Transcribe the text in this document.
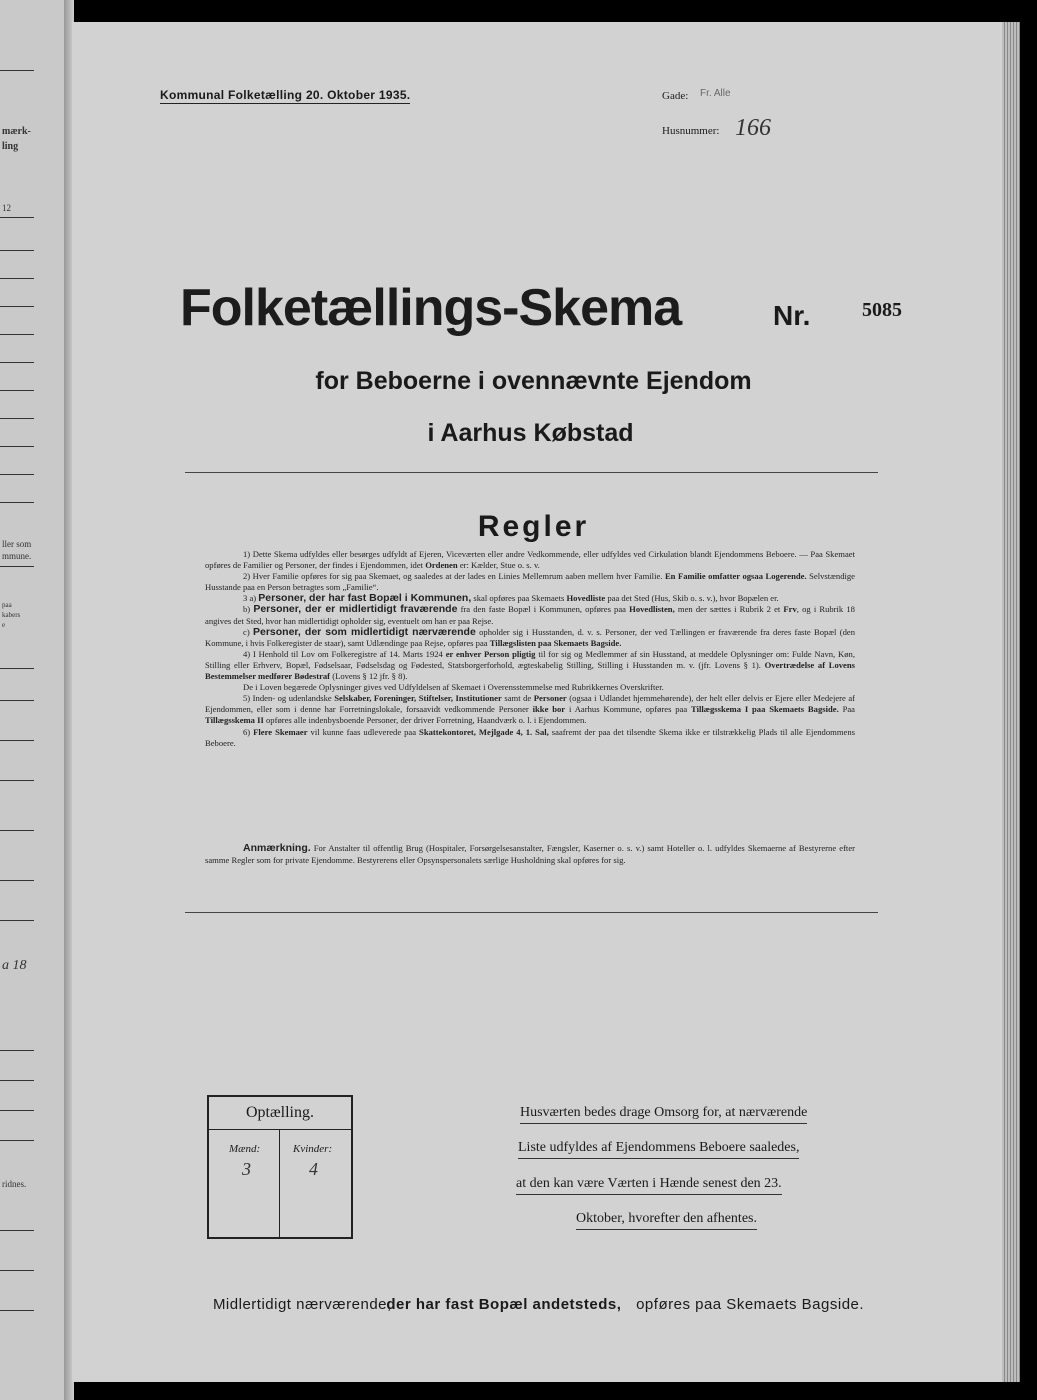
mærk-
ling
12
ller som
mmune.
paa
kabers
e
a 18
ridnes.
Kommunal Folketælling 20. Oktober 1935.	Gade: Fr. Alle
Husnummer: 166
Folketællings-Skema	Nr.	5085
for Beboerne i ovennævnte Ejendom
i Aarhus Købstad
Regler

1) Dette Skema udfyldes eller besørges udfyldt af Ejeren, Viceværten eller andre Vedkommende, eller udfyldes ved Cirkulation blandt Ejendommens Beboere. — Paa Skemaet opføres de Familier og Personer, der findes i Ejendommen, idet Ordenen er: Kælder, Stue o. s. v.

2) Hver Familie opføres for sig paa Skemaet, og saaledes at der lades en Linies Mellemrum aaben mellem hver Familie. En Familie omfatter ogsaa Logerende. Selvstændige Husstande paa en Person betragtes som „Familie“.

3 a) Personer, der har fast Bopæl i Kommunen, skal opføres paa Skemaets Hovedliste paa det Sted (Hus, Skib o. s. v.), hvor Bopælen er.

b) Personer, der er midlertidigt fraværende fra den faste Bopæl i Kommunen, opføres paa Hovedlisten, men der sættes i Rubrik 2 et Frv, og i Rubrik 18 angives det Sted, hvor han midlertidigt opholder sig, eventuelt om han er paa Rejse.

c) Personer, der som midlertidigt nærværende opholder sig i Husstanden, d. v. s. Personer, der ved Tællingen er fraværende fra deres faste Bopæl (den Kommune, i hvis Folkeregister de staar), samt Udlændinge paa Rejse, opføres paa Tillægslisten paa Skemaets Bagside.

4) I Henhold til Lov om Folkeregistre af 14. Marts 1924 er enhver Person pligtig til for sig og Medlemmer af sin Husstand, at meddele Oplysninger om: Fulde Navn, Køn, Stilling eller Erhverv, Bopæl, Fødselsaar, Fødselsdag og Fødested, Statsborgerforhold, ægteskabelig Stilling, Stilling i Husstanden m. v. (jfr. Lovens § 1). Overtrædelse af Lovens Bestemmelser medfører Bødestraf (Lovens § 12 jfr. § 8).

De i Loven begærede Oplysninger gives ved Udfyldelsen af Skemaet i Overensstemmelse med Rubrikkernes Overskrifter.

5) Inden- og udenlandske Selskaber, Foreninger, Stiftelser, Institutioner samt de Personer (ogsaa i Udlandet hjemmehørende), der helt eller delvis er Ejere eller Medejere af Ejendommen, eller som i denne har Forretningslokale, forsaavidt vedkommende Personer ikke bor i Aarhus Kommune, opføres paa Tillægsskema I paa Skemaets Bagside. Paa Tillægsskema II opføres alle indenbysboende Personer, der driver Forretning, Haandværk o. l. i Ejendommen.

6) Flere Skemaer vil kunne faas udleverede paa Skattekontoret, Mejlgade 4, 1. Sal, saafremt der paa det tilsendte Skema ikke er tilstrækkelig Plads til alle Ejendommens Beboere.

Anmærkning. For Anstalter til offentlig Brug (Hospitaler, Forsørgelsesanstalter, Fængsler, Kaserner o. s. v.) samt Hoteller o. l. udfyldes Skemaerne af Bestyrerne efter samme Regler som for private Ejendomme. Bestyrerens eller Opsynspersonalets særlige Husholdning skal opføres for sig.

Optælling.
Mænd:
3
Kvinder:
4
Husværten bedes drage Omsorg for, at nærværende
Liste udfyldes af Ejendommens Beboere saaledes,
at den kan være Værten i Hænde senest den 23.
Oktober, hvorefter den afhentes.
Midlertidigt nærværende, der har fast Bopæl andetsteds, opføres paa Skemaets Bagside.
